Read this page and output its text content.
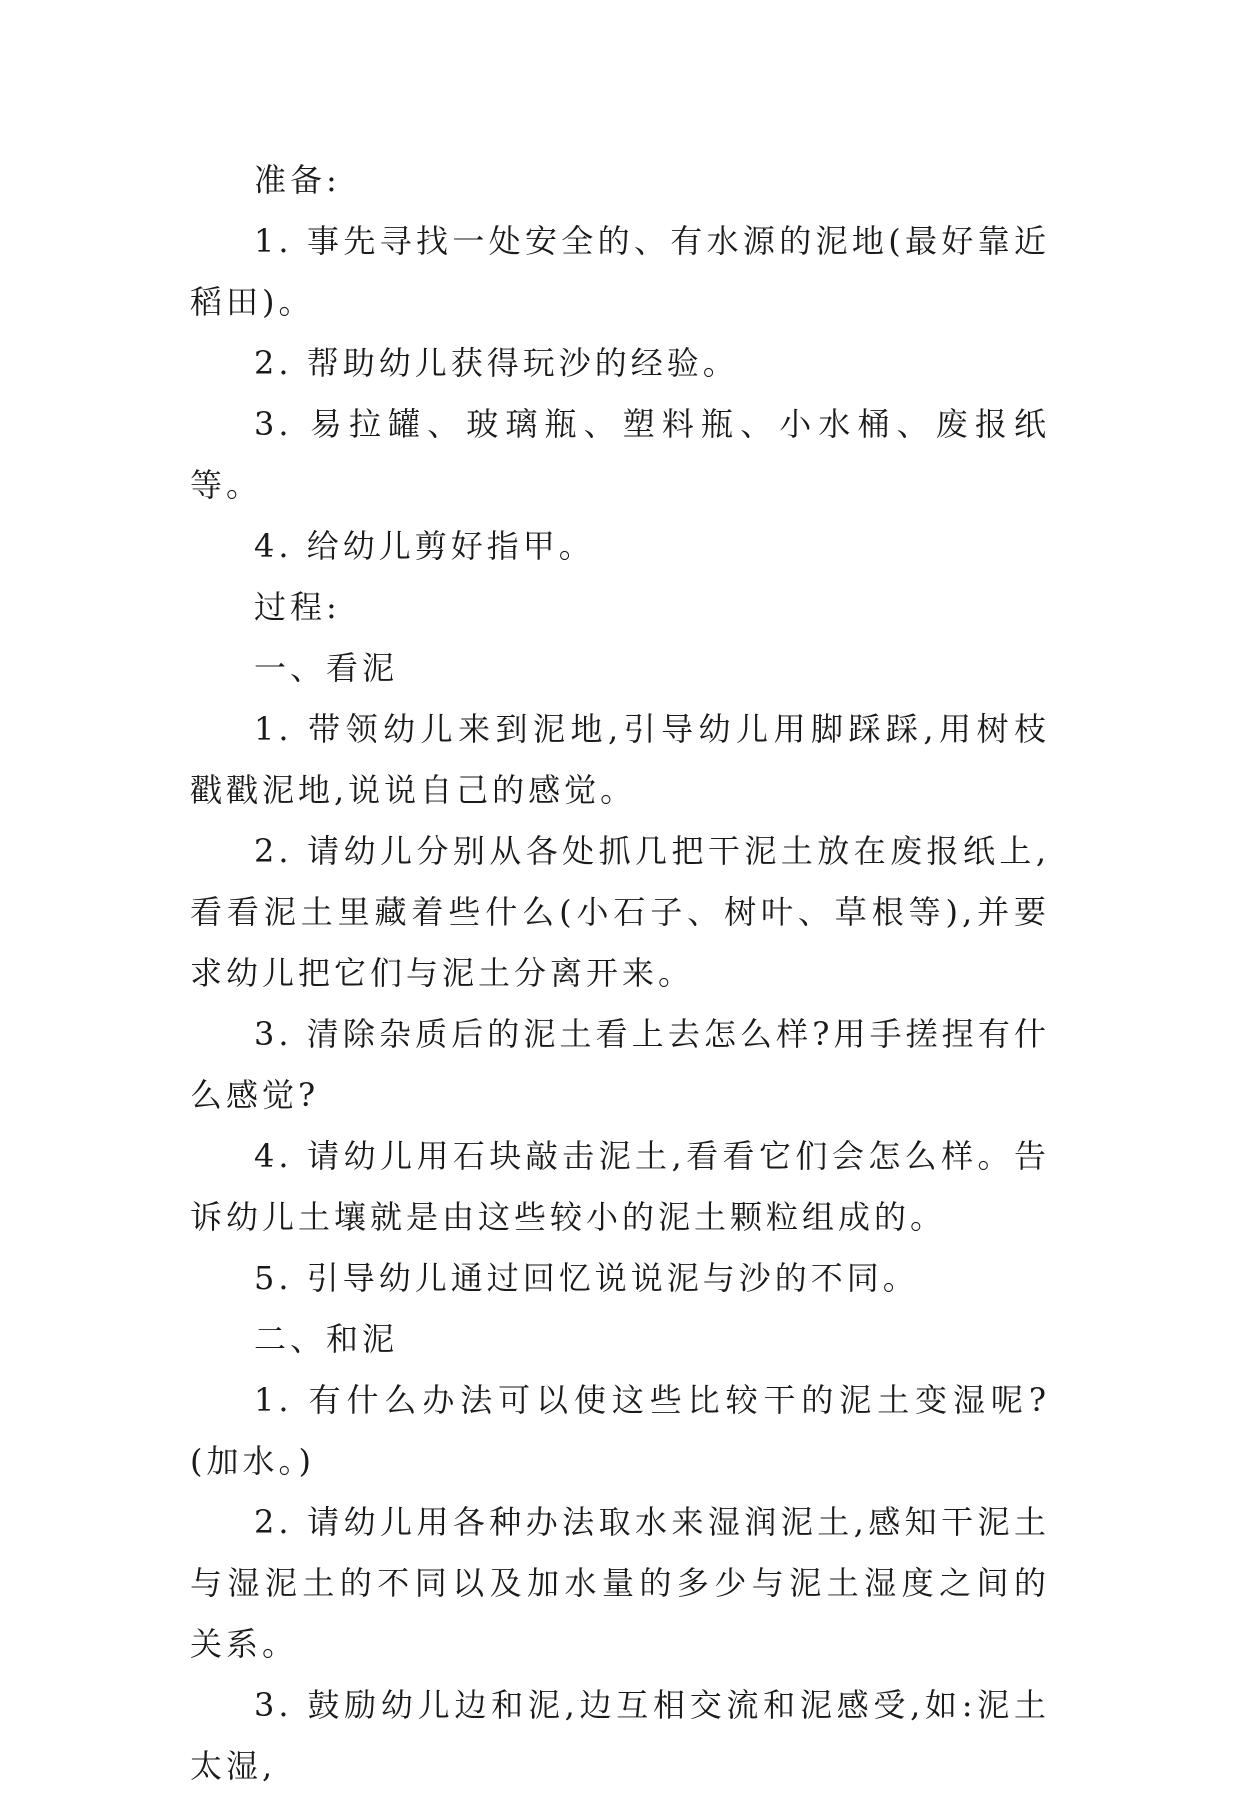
准备:

1. 事先寻找一处安全的、有水源的泥地(最好靠近稻田)。

2. 帮助幼儿获得玩沙的经验。

3. 易拉罐、玻璃瓶、塑料瓶、小水桶、废报纸等。

4. 给幼儿剪好指甲。

过程:

一、看泥

1. 带领幼儿来到泥地,引导幼儿用脚踩踩,用树枝戳戳泥地,说说自己的感觉。

2. 请幼儿分别从各处抓几把干泥土放在废报纸上,看看泥土里藏着些什么(小石子、树叶、草根等),并要求幼儿把它们与泥土分离开来。

3. 清除杂质后的泥土看上去怎么样?用手搓捏有什么感觉?

4. 请幼儿用石块敲击泥土,看看它们会怎么样。告诉幼儿土壤就是由这些较小的泥土颗粒组成的。

5. 引导幼儿通过回忆说说泥与沙的不同。

二、和泥

1. 有什么办法可以使这些比较干的泥土变湿呢?(加水。)

2. 请幼儿用各种办法取水来湿润泥土,感知干泥土与湿泥土的不同以及加水量的多少与泥土湿度之间的关系。

3. 鼓励幼儿边和泥,边互相交流和泥感受,如:泥土太湿,
